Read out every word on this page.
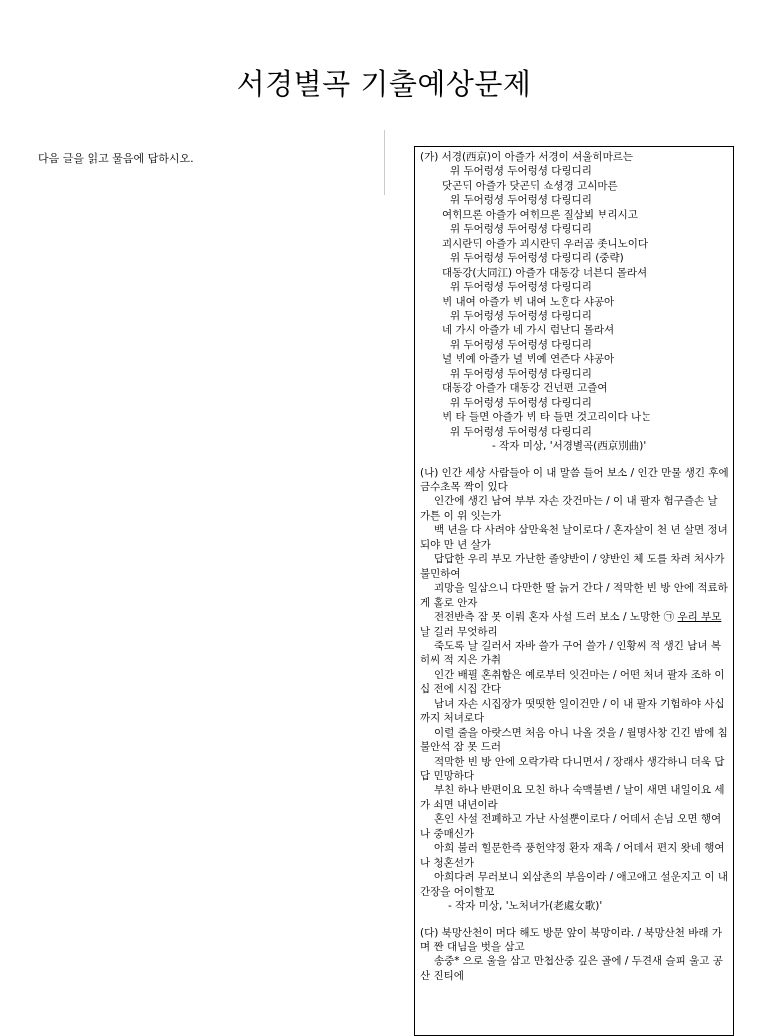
서경별곡 기출예상문제
다음 글을 읽고 물음에 답하시오.	(가) 서경(西京)이 아즐가 서경이 셔울히마르는
위 두어렁셩 두어렁셩 다링디리
닷곤ᄃᆡ 아즐가 닷곤ᄃᆡ 쇼셩경 고ᅀᅵ마른
위 두어렁셩 두어렁셩 다링디리
여ᄒᆡ므론 아즐가 여ᄒᆡ므론 질삼뵈 ᄇᆞ리시고
위 두어렁셩 두어렁셩 다링디리
괴시란ᄃᆡ 아즐가 괴시란ᄃᆡ 우러곰 좃니노이다
위 두어렁셩 두어렁셩 다링디리 (중략)
대동강(大同江) 아즐가 대동강 너븐디 몰라셔
위 두어렁셩 두어렁셩 다링디리
ᄇᆡ 내여 아즐가 ᄇᆡ 내여 노ᄒᆞᆫ다 샤공아
위 두어렁셩 두어렁셩 다링디리
네 가시 아즐가 네 가시 럼난디 몰라셔
위 두어렁셩 두어렁셩 다링디리
녈 ᄇᆡ예 아즐가 녈 ᄇᆡ예 연즌다 샤공아
위 두어렁셩 두어렁셩 다링디리
대동강 아즐가 대동강 건넌편 고즐여
위 두어렁셩 두어렁셩 다링디리
ᄇᆡ 타 들면 아즐가 ᄇᆡ 타 들면 것고리이다 나ᄂᆞᆫ
위 두어렁셩 두어렁셩 다링디리
- 작자 미상, '서경별곡(西京別曲)'
(나) 인간 세상 사람들아 이 내 말씀 들어 보소 / 인간 만물 생긴 후에 금수초목 짝이 있다
인간에 생긴 남여 부부 자손 갓건마는 / 이 내 팔자 험구즐손 날 가튼 이 위 잇는가
백 년을 다 사려야 삼만육천 날이로다 / 혼자살이 천 년 살면 정녀 되야 만 년 살가
답답한 우리 부모 가난한 졸양반이 / 양반인 체 도를 차려 처사가 불민하여
괴망을 일삼으니 다만한 딸 늙거 간다 / 적막한 빈 방 안에 적료하게 홀로 안자
전전반측 잠 못 이뤄 혼자 사설 드러 보소 / 노망한 ㉠ 우리 부모 날 길러 무엇하리
죽도록 날 길러서 자바 쓸가 구어 쓸가 / 인황씨 적 생긴 남녀 복히씨 적 지은 가취
인간 배필 혼취함은 예로부터 잇건마는 / 어떤 처녀 팔자 조하 이십 전에 시집 간다
남녀 자손 시집장가 떳떳한 일이건만 / 이 내 팔자 기험하야 사십까지 처녀로다
이럴 줄을 아랏스면 처음 아니 나올 것을 / 월명사창 긴긴 밤에 침불안석 잠 못 드러
적막한 빈 방 안에 오락가락 다니면서 / 장래사 생각하니 더욱 답답 민망하다
부친 하나 반편이요 모친 하나 숙맥불변 / 날이 새면 내일이요 세가 쇠면 내년이라
혼인 사설 전폐하고 가난 사설뿐이로다 / 어데서 손님 오면 행여나 중매신가
아희 불러 힐문한즉 풍헌약정 환자 재촉 / 어데서 편지 왓네 행여나 청혼선가
아희다려 무러보니 외삼촌의 부음이라 / 애고애고 설운지고 이 내 간장을 어이할꼬
- 작자 미상, '노처녀가(老處女歌)'
(다) 북망산천이 머다 해도 방문 앞이 북망이라. / 북망산천 바래 가며 짠 대님을 벗을 삼고
송중* 으로 울을 삼고 만첩산중 깊은 골에 / 두견새 슬피 울고 공산 진티에
